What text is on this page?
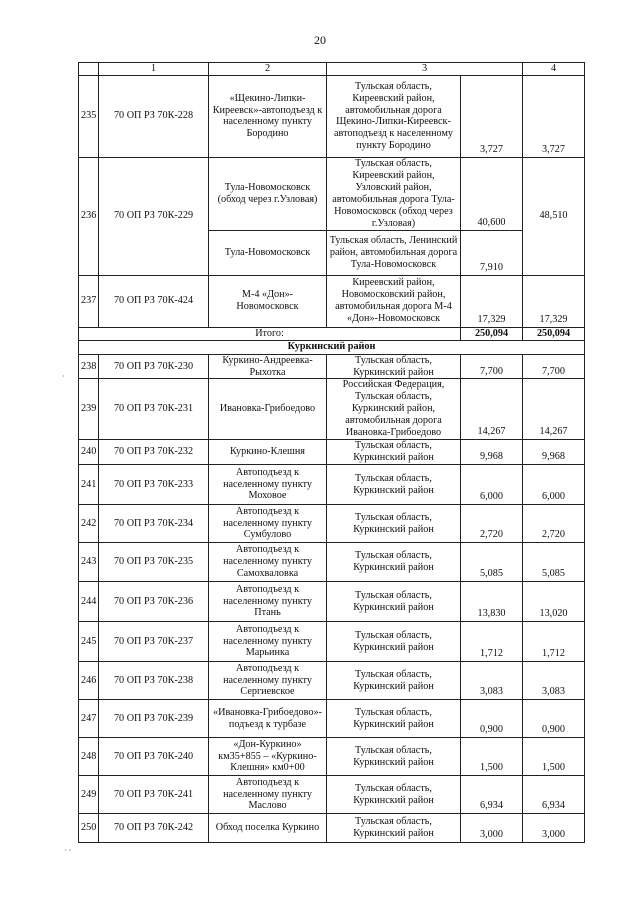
20
	1	2	3		4
235	70 ОП РЗ 70К-228	«Щекино-Липки-Киреевск»-автоподъезд к населенному пункту Бородино	Тульская область, Киреевский район, автомобильная дорога Щекино-Липки-Киреевск-автоподъезд к населенному пункту Бородино	3,727	3,727
236	70 ОП РЗ 70К-229	Тула-Новомосковск (обход через г.Узловая)	Тульская область, Киреевский район, Узловский район, автомобильная дорога Тула-Новомосковск (обход через г.Узловая)	40,600	48,510
		Тула-Новомосковск	Тульская область, Ленинский район, автомобильная дорога Тула-Новомосковск	7,910	
237	70 ОП РЗ 70К-424	М-4 «Дон»-Новомосковск	Киреевский район, Новомосковский район, автомобильная дорога М-4 «Дон»-Новомосковск	17,329	17,329
Итого:				250,094	250,094
Куркинский район					
238	70 ОП РЗ 70К-230	Куркино-Андреевка-Рыхотка	Тульская область, Куркинский район	7,700	7,700
239	70 ОП РЗ 70К-231	Ивановка-Грибоедово	Российская Федерация, Тульская область, Куркинский район, автомобильная дорога Ивановка-Грибоедово	14,267	14,267
240	70 ОП РЗ 70К-232	Куркино-Клешня	Тульская область, Куркинский район	9,968	9,968
241	70 ОП РЗ 70К-233	Автоподъезд к населенному пункту Моховое	Тульская область, Куркинский район	6,000	6,000
242	70 ОП РЗ 70К-234	Автоподъезд к населенному пункту Сумбулово	Тульская область, Куркинский район	2,720	2,720
243	70 ОП РЗ 70К-235	Автоподъезд к населенному пункту Самохваловка	Тульская область, Куркинский район	5,085	5,085
244	70 ОП РЗ 70К-236	Автоподъезд к населенному пункту Птань	Тульская область, Куркинский район	13,830	13,020
245	70 ОП РЗ 70К-237	Автоподъезд к населенному пункту Марьинка	Тульская область, Куркинский район	1,712	1,712
246	70 ОП РЗ 70К-238	Автоподъезд к населенному пункту Сергиевское	Тульская область, Куркинский район	3,083	3,083
247	70 ОП РЗ 70К-239	«Ивановка-Грибоедово»-подъезд к турбазе	Тульская область, Куркинский район	0,900	0,900
248	70 ОП РЗ 70К-240	«Дон-Куркино» км35+855 – «Куркино-Клешня» км0+00	Тульская область, Куркинский район	1,500	1,500
249	70 ОП РЗ 70К-241	Автоподъезд к населенному пункту Маслово	Тульская область, Куркинский район	6,934	6,934
250	70 ОП РЗ 70К-242	Обход поселка Куркино	Тульская область, Куркинский район	3,000	3,000
·
· ·
